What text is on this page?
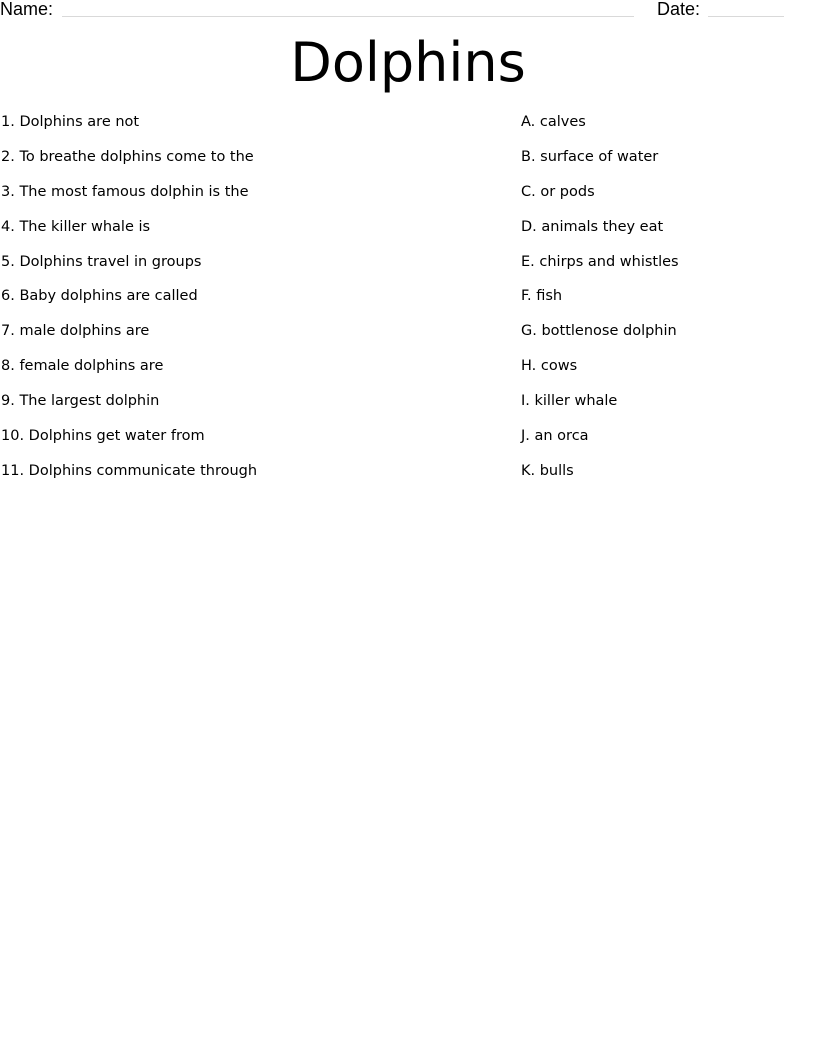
Name:	Date:
Dolphins
1. Dolphins are not
2. To breathe dolphins come to the
3. The most famous dolphin is the
4. The killer whale is
5. Dolphins travel in groups
6. Baby dolphins are called
7. male dolphins are
8. female dolphins are
9. The largest dolphin
10. Dolphins get water from
11. Dolphins communicate through
A. calves
B. surface of water
C. or pods
D. animals they eat
E. chirps and whistles
F. fish
G. bottlenose dolphin
H. cows
I. killer whale
J. an orca
K. bulls
